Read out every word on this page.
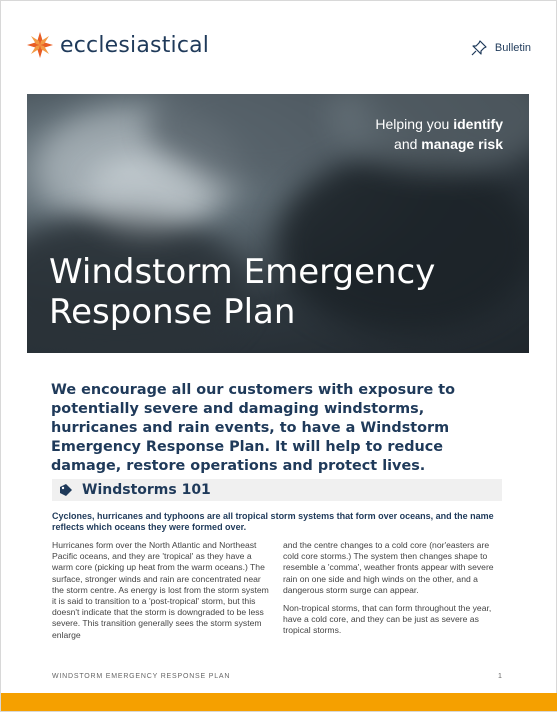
ecclesiastical	Bulletin
Helping you identify
and manage risk
Windstorm Emergency
Response Plan

We encourage all our customers with exposure to potentially severe and damaging windstorms, hurricanes and rain events, to have a Windstorm Emergency Response Plan. It will help to reduce damage, restore operations and protect lives.

Windstorms 101

Cyclones, hurricanes and typhoons are all tropical storm systems that form over oceans, and the name reflects which oceans they were formed over.

Hurricanes form over the North Atlantic and Northeast Pacific oceans, and they are 'tropical' as they have a warm core (picking up heat from the warm oceans.) The surface, stronger winds and rain are concentrated near the storm centre. As energy is lost from the storm system it is said to transition to a 'post-tropical' storm, but this doesn't indicate that the storm is downgraded to be less severe. This transition generally sees the storm system enlarge

and the centre changes to a cold core (nor'easters are cold core storms.) The system then changes shape to resemble a 'comma', weather fronts appear with severe rain on one side and high winds on the other, and a dangerous storm surge can appear.

Non-tropical storms, that can form throughout the year, have a cold core, and they can be just as severe as tropical storms.

WINDSTORM EMERGENCY RESPONSE PLAN	1
